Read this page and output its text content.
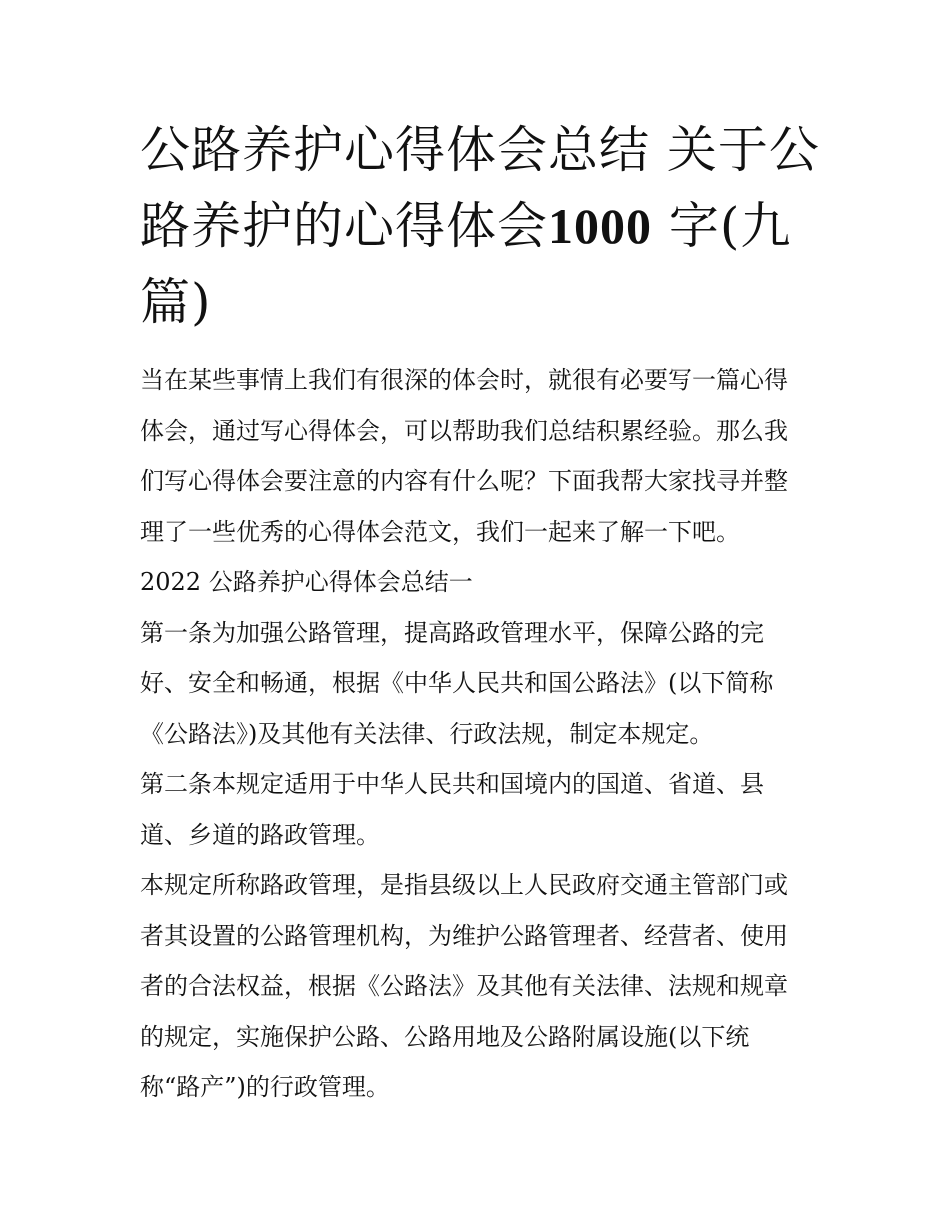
公路养护心得体会总结 关于公
路养护的心得体会1000 字(九
篇)
当在某些事情上我们有很深的体会时，就很有必要写一篇心得
体会，通过写心得体会，可以帮助我们总结积累经验。那么我
们写心得体会要注意的内容有什么呢？下面我帮大家找寻并整
理了一些优秀的心得体会范文，我们一起来了解一下吧。
2022 公路养护心得体会总结一
第一条为加强公路管理，提高路政管理水平，保障公路的完
好、安全和畅通，根据《中华人民共和国公路法》(以下简称
《公路法》)及其他有关法律、行政法规，制定本规定。
第二条本规定适用于中华人民共和国境内的国道、省道、县
道、乡道的路政管理。
本规定所称路政管理，是指县级以上人民政府交通主管部门或
者其设置的公路管理机构，为维护公路管理者、经营者、使用
者的合法权益，根据《公路法》及其他有关法律、法规和规章
的规定，实施保护公路、公路用地及公路附属设施(以下统
称“路产”)的行政管理。
